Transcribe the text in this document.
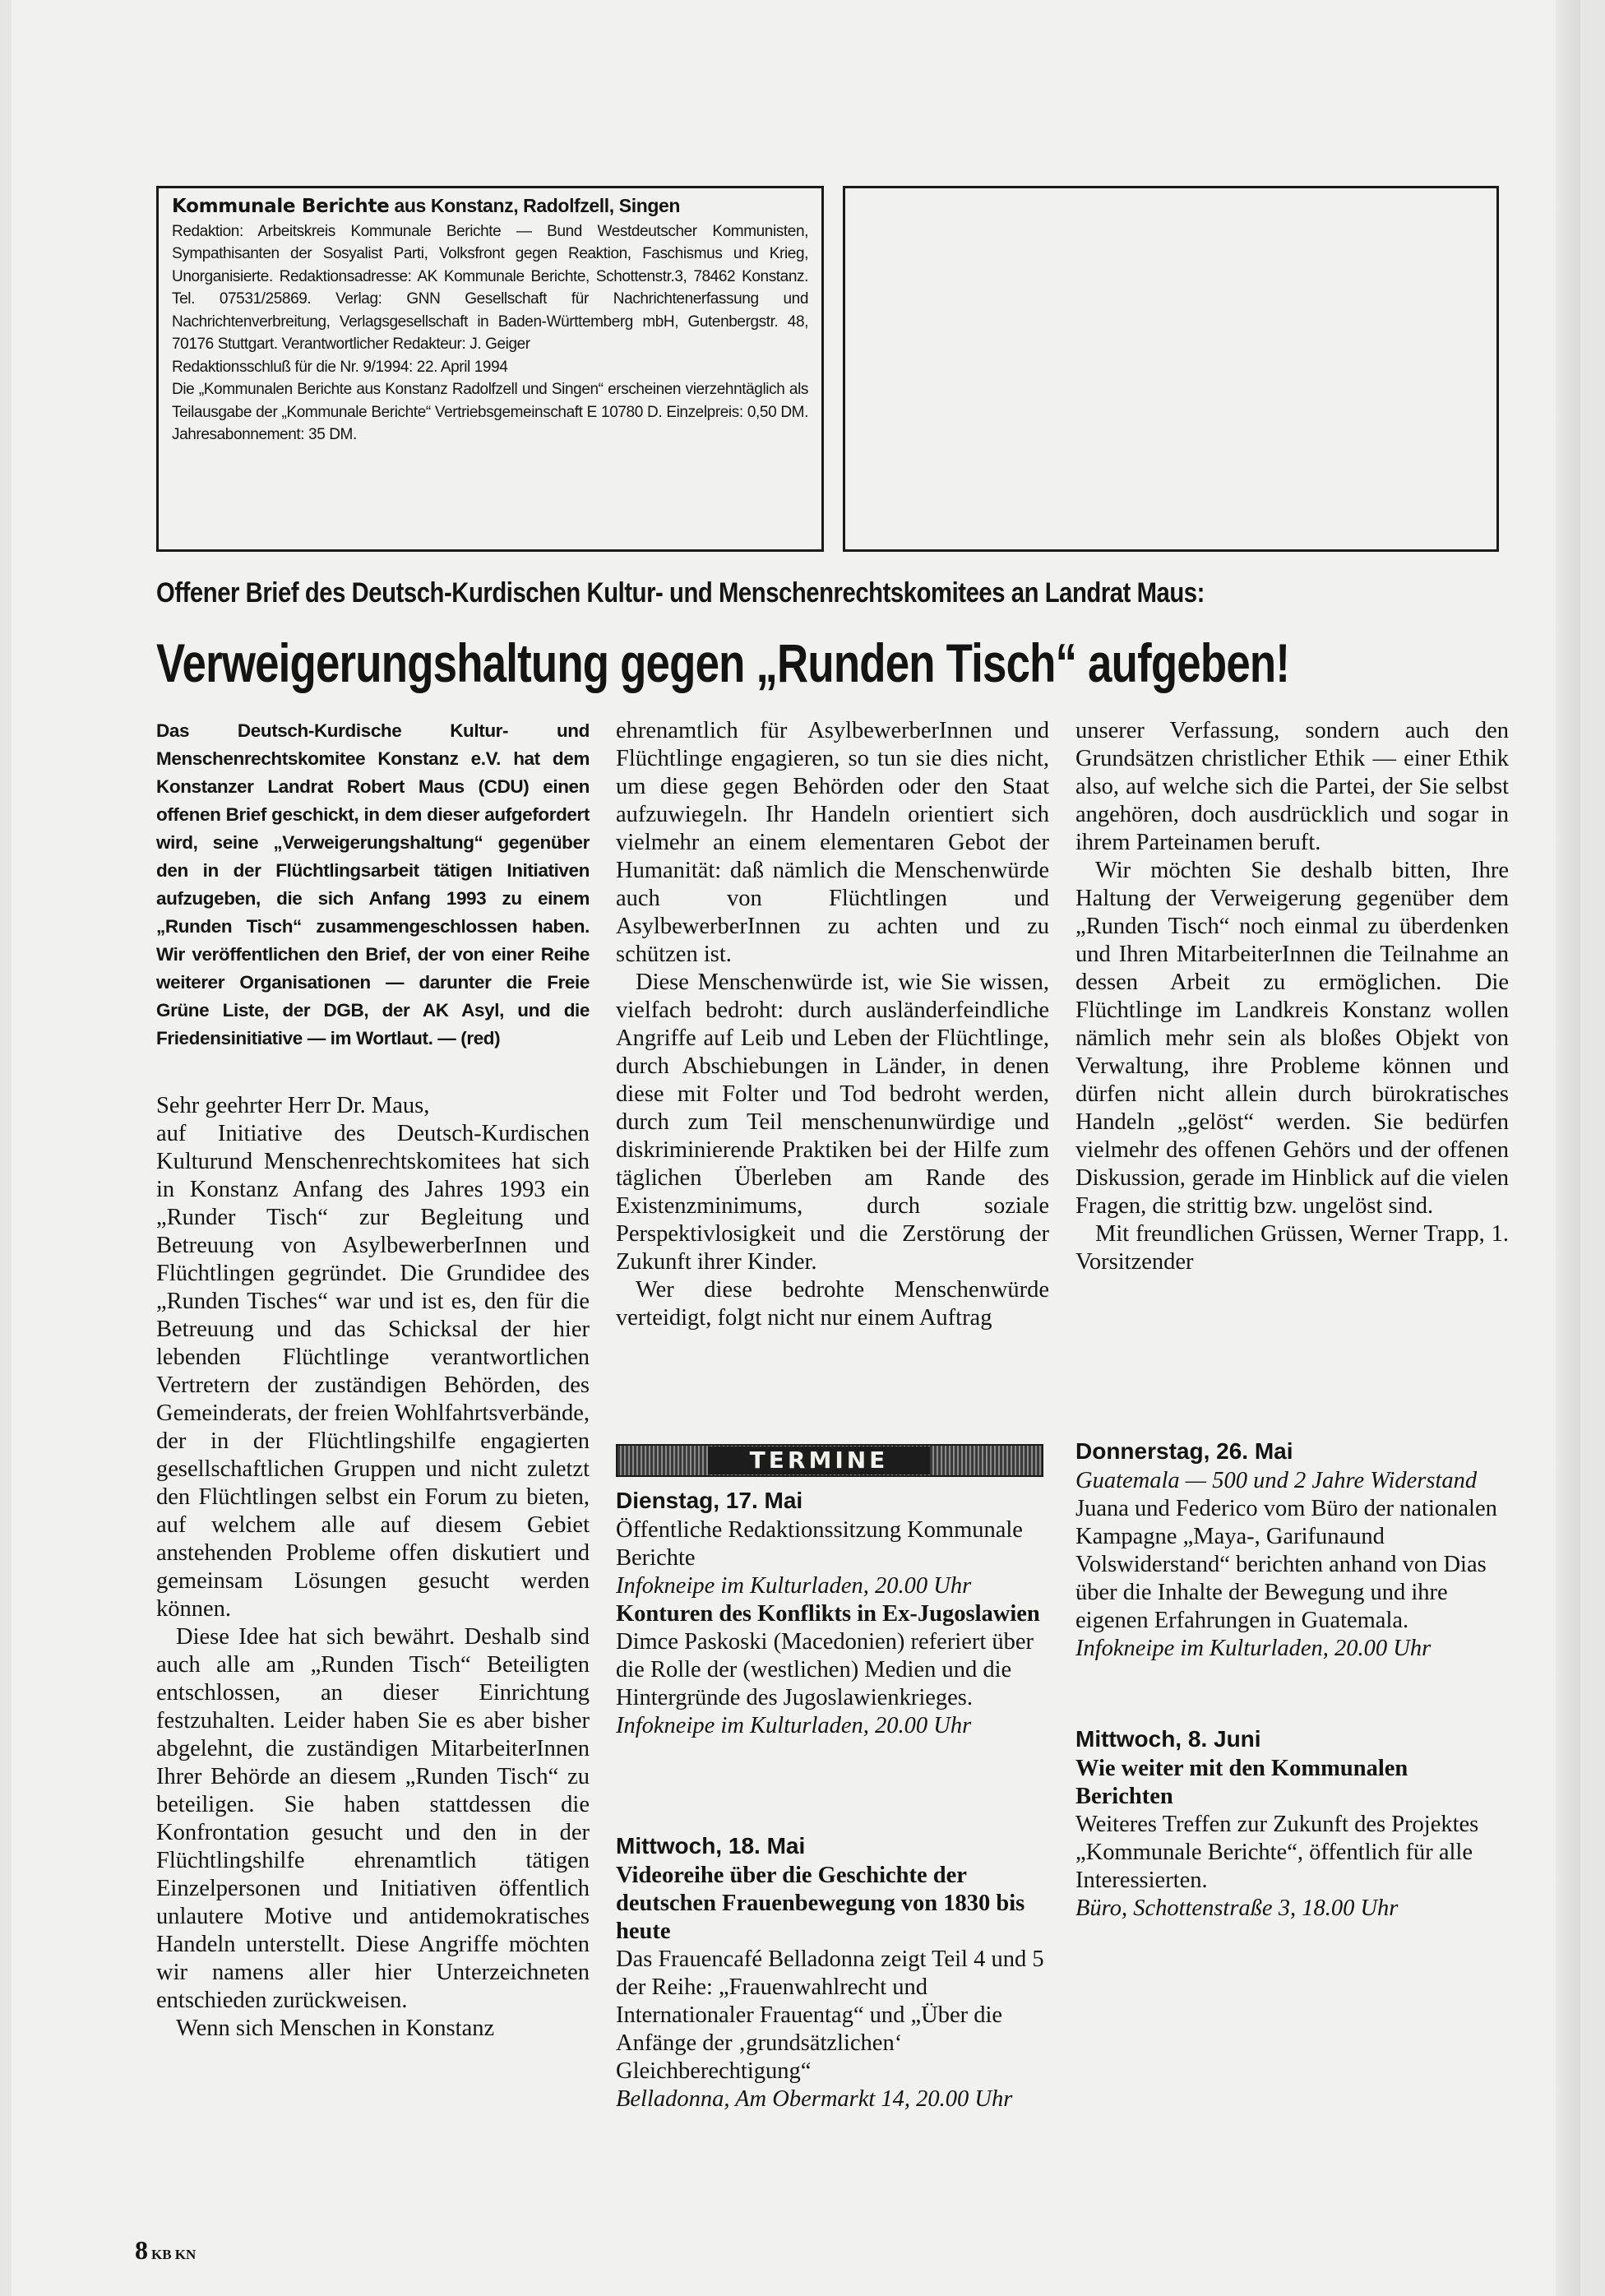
Kommunale Berichte aus Konstanz, Radolfzell, Singen

Redaktion: Arbeitskreis Kommunale Berichte — Bund Westdeutscher Kommunisten, Sympathisanten der Sosyalist Parti, Volksfront gegen Reaktion, Faschismus und Krieg, Unorganisierte. Redaktionsadresse: AK Kommunale Berichte, Schottenstr.3, 78462 Konstanz. Tel. 07531/25869. Verlag: GNN Gesellschaft für Nachrichtenerfassung und Nachrichtenverbreitung, Verlagsgesellschaft in Baden-Württemberg mbH, Gutenbergstr. 48, 70176 Stuttgart. Verantwortlicher Redakteur: J. Geiger

Redaktionsschluß für die Nr. 9/1994: 22. April 1994

Die „Kommunalen Berichte aus Konstanz Radolfzell und Singen“ erscheinen vierzehntäglich als Teilausgabe der „Kommunale Berichte“ Vertriebsgemeinschaft E 10780 D. Einzelpreis: 0,50 DM. Jahresabonnement: 35 DM.

Offener Brief des Deutsch-Kurdischen Kultur- und Menschenrechtskomitees an Landrat Maus:
Verweigerungshaltung gegen „Runden Tisch“ aufgeben!

Das Deutsch-Kurdische Kultur- und Menschenrechtskomitee Konstanz e.V. hat dem Konstanzer Landrat Robert Maus (CDU) einen offenen Brief geschickt, in dem dieser aufgefordert wird, seine „Verweigerungshaltung“ gegenüber den in der Flüchtlingsarbeit tätigen Initiativen aufzugeben, die sich Anfang 1993 zu einem „Runden Tisch“ zusammengeschlossen haben. Wir veröffentlichen den Brief, der von einer Reihe weiterer Organisationen — darunter die Freie Grüne Liste, der DGB, der AK Asyl, und die Friedensinitiative — im Wortlaut. — (red)

Sehr geehrter Herr Dr. Maus,

auf Initiative des Deutsch-Kurdischen Kulturund Menschenrechtskomitees hat sich in Konstanz Anfang des Jahres 1993 ein „Runder Tisch“ zur Begleitung und Betreuung von AsylbewerberInnen und Flüchtlingen gegründet. Die Grundidee des „Runden Tisches“ war und ist es, den für die Betreuung und das Schicksal der hier lebenden Flüchtlinge verantwortlichen Vertretern der zuständigen Behörden, des Gemeinderats, der freien Wohlfahrtsverbände, der in der Flüchtlingshilfe engagierten gesellschaftlichen Gruppen und nicht zuletzt den Flüchtlingen selbst ein Forum zu bieten, auf welchem alle auf diesem Gebiet anstehenden Probleme offen diskutiert und gemeinsam Lösungen gesucht werden können.

Diese Idee hat sich bewährt. Deshalb sind auch alle am „Runden Tisch“ Beteiligten entschlossen, an dieser Einrichtung festzuhalten. Leider haben Sie es aber bisher abgelehnt, die zuständigen MitarbeiterInnen Ihrer Behörde an diesem „Runden Tisch“ zu beteiligen. Sie haben stattdessen die Konfrontation gesucht und den in der Flüchtlingshilfe ehrenamtlich tätigen Einzelpersonen und Initiativen öffentlich unlautere Motive und antidemokratisches Handeln unterstellt. Diese Angriffe möchten wir namens aller hier Unterzeichneten entschieden zurückweisen.

Wenn sich Menschen in Konstanz

ehrenamtlich für AsylbewerberInnen und Flüchtlinge engagieren, so tun sie dies nicht, um diese gegen Behörden oder den Staat aufzuwiegeln. Ihr Handeln orientiert sich vielmehr an einem elementaren Gebot der Humanität: daß nämlich die Menschenwürde auch von Flüchtlingen und AsylbewerberInnen zu achten und zu schützen ist.

Diese Menschenwürde ist, wie Sie wissen, vielfach bedroht: durch ausländerfeindliche Angriffe auf Leib und Leben der Flüchtlinge, durch Abschiebungen in Länder, in denen diese mit Folter und Tod bedroht werden, durch zum Teil menschenunwürdige und diskriminierende Praktiken bei der Hilfe zum täglichen Überleben am Rande des Existenzminimums, durch soziale Perspektivlosigkeit und die Zerstörung der Zukunft ihrer Kinder.

Wer diese bedrohte Menschenwürde verteidigt, folgt nicht nur einem Auftrag

unserer Verfassung, sondern auch den Grundsätzen christlicher Ethik — einer Ethik also, auf welche sich die Partei, der Sie selbst angehören, doch ausdrücklich und sogar in ihrem Parteinamen beruft.

Wir möchten Sie deshalb bitten, Ihre Haltung der Verweigerung gegenüber dem „Runden Tisch“ noch einmal zu überdenken und Ihren MitarbeiterInnen die Teilnahme an dessen Arbeit zu ermöglichen. Die Flüchtlinge im Landkreis Konstanz wollen nämlich mehr sein als bloßes Objekt von Verwaltung, ihre Probleme können und dürfen nicht allein durch bürokratisches Handeln „gelöst“ werden. Sie bedürfen vielmehr des offenen Gehörs und der offenen Diskussion, gerade im Hinblick auf die vielen Fragen, die strittig bzw. ungelöst sind.

Mit freundlichen Grüssen, Werner Trapp, 1. Vorsitzender

TERMINE

Dienstag, 17. Mai

Öffentliche Redaktionssitzung Kommunale Berichte

Infokneipe im Kulturladen, 20.00 Uhr

Konturen des Konflikts in Ex-Jugoslawien

Dimce Paskoski (Macedonien) referiert über die Rolle der (westlichen) Medien und die Hintergründe des Jugoslawienkrieges.

Infokneipe im Kulturladen, 20.00 Uhr

Mittwoch, 18. Mai

Videoreihe über die Geschichte der deutschen Frauenbewegung von 1830 bis heute

Das Frauencafé Belladonna zeigt Teil 4 und 5 der Reihe: „Frauenwahlrecht und Internationaler Frauentag“ und „Über die Anfänge der ‚grundsätzlichen‘ Gleichberechtigung“

Belladonna, Am Obermarkt 14, 20.00 Uhr

Donnerstag, 26. Mai

Guatemala — 500 und 2 Jahre Widerstand

Juana und Federico vom Büro der nationalen Kampagne „Maya-, Garifunaund Volswiderstand“ berichten anhand von Dias über die Inhalte der Bewegung und ihre eigenen Erfahrungen in Guatemala.

Infokneipe im Kulturladen, 20.00 Uhr

Mittwoch, 8. Juni

Wie weiter mit den Kommunalen Berichten

Weiteres Treffen zur Zukunft des Projektes „Kommunale Berichte“, öffentlich für alle Interessierten.

Büro, Schottenstraße 3, 18.00 Uhr

8 KB KN
